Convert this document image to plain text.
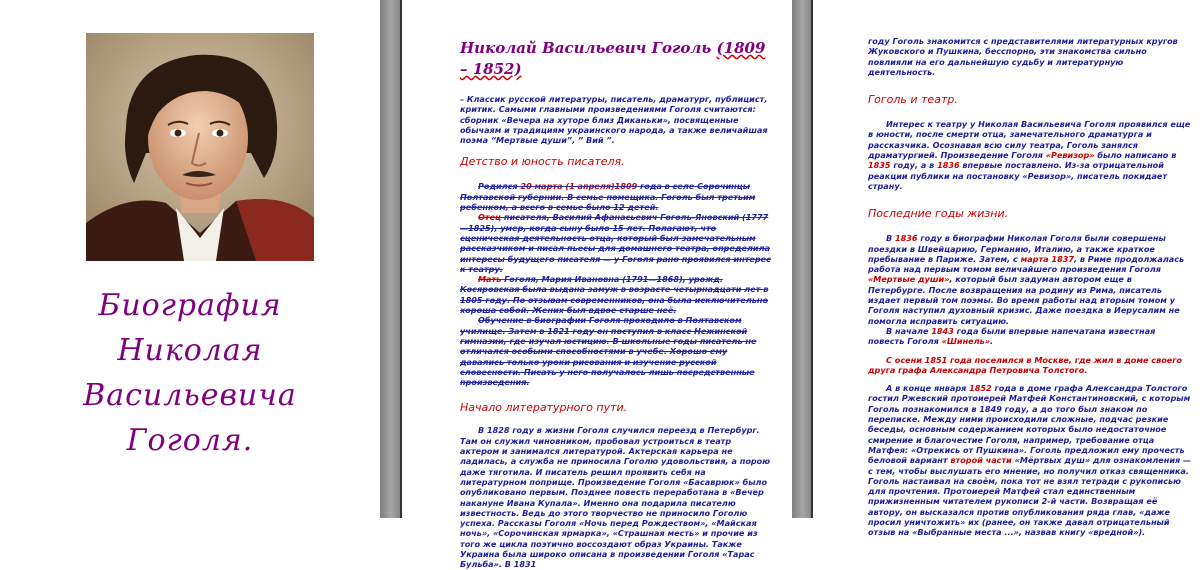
Биография
Николая
Васильевича
Гоголя.
Николай Васильевич Гоголь (1809 – 1852)

– Классик русской литературы, писатель, драматург, публицист, критик. Самыми главными произведениями Гоголя считаются: сборник «Вечера на хуторе близ Диканьки», посвященные обычаям и традициям украинского народа, а также величайшая поэма “Мертвые души”, ” Вий ”.

Детство и юность писателя.

Родился 20 марта (1 апреля)1809 года в селе Сорочинцы Полтавской губернии. В семье помещика. Гоголь был третьим ребенком, а всего в семье было 12 детей.

Отец писателя, Василий Афанасьевич Гоголь-Яновский (1777—1825), умер, когда сыну было 15 лет. Полагают, что сценическая деятельность отца, который был замечательным рассказчиком и писал пьесы для домашнего театра, определила интересы будущего писателя — у Гоголя рано проявился интерес к театру.

Мать Гоголя, Мария Ивановна (1791—1868), урожд. Косяровская была выдана замуж в возрасте четырнадцати лет в 1805 году. По отзывам современников, она была исключительно хороша собой. Жених был вдвое старше неё.

Обучение в биографии Гоголя проходило в Полтавском училище. Затем в 1821 году он поступил в класс Нежинской гимназии, где изучал юстицию. В школьные годы писатель не отличался особыми способностями в учебе. Хорошо ему давались только уроки рисования и изучение русской словесности. Писать у него получалось лишь посредственные произведения.

Начало литературного пути.

В 1828 году в жизни Гоголя случился переезд в Петербург. Там он служил чиновником, пробовал устроиться в театр актером и занимался литературой. Актерская карьера не ладилась, а служба не приносила Гоголю удовольствия, а порою даже тяготила. И писатель решил проявить себя на литературном поприще. Произведение Гоголя «Басаврюк» было опубликовано первым. Позднее повесть переработана в «Вечер накануне Ивана Купала». Именно она подарила писателю известность. Ведь до этого творчество не приносило Гоголю успеха. Рассказы Гоголя «Ночь перед Рождеством», «Майская ночь», «Сорочинская ярмарка», «Страшная месть» и прочие из того же цикла поэтично воссоздают образ Украины. Также Украина была широко описана в произведении Гоголя «Тарас Бульба». В 1831

году Гоголь знакомится с представителями литературных кругов Жуковского и Пушкина, бесспорно, эти знакомства сильно повлияли на его дальнейшую судьбу и литературную деятельность.

Гоголь и театр.

Интерес к театру у Николая Васильевича Гоголя проявился еще в юности, после смерти отца, замечательного драматурга и рассказчика. Осознавая всю силу театра, Гоголь занялся драматургией. Произведение Гоголя «Ревизор» было написано в 1835 году, а в 1836 впервые поставлено. Из-за отрицательной реакции публики на постановку «Ревизор», писатель покидает страну.

Последние годы жизни.

В 1836 году в биографии Николая Гоголя были совершены поездки в Швейцарию, Германию, Италию, а также краткое пребывание в Париже. Затем, с марта 1837, в Риме продолжалась работа над первым томом величайшего произведения Гоголя «Мертвые души», который был задуман автором еще в Петербурге. После возвращения на родину из Рима, писатель издает первый том поэмы. Во время работы над вторым томом у Гоголя наступил духовный кризис. Даже поездка в Иерусалим не помогла исправить ситуацию.

В начале 1843 года были впервые напечатана известная повесть Гоголя «Шинель».

С осени 1851 года поселился в Москве, где жил в доме своего друга графа Александра Петровича Толстого.

А в конце января 1852 года в доме графа Александра Толстого гостил Ржевский протоиерей Матфей Константиновский, с которым Гоголь познакомился в 1849 году, а до того был знаком по переписке. Между ними происходили сложные, подчас резкие беседы, основным содержанием которых было недостаточное смирение и благочестие Гоголя, например, требование отца Матфея: «Отрекись от Пушкина». Гоголь предложил ему прочесть беловой вариант второй части «Мёртвых душ» для ознакомления — с тем, чтобы выслушать его мнение, но получил отказ священника. Гоголь настаивал на своём, пока тот не взял тетради с рукописью для прочтения. Протоиерей Матфей стал единственным прижизненным читателем рукописи 2-й части. Возвращая её автору, он высказался против опубликования ряда глав, «даже просил уничтожить» их (ранее, он также давал отрицательный отзыв на «Выбранные места ...», назвав книгу «вредной»).
